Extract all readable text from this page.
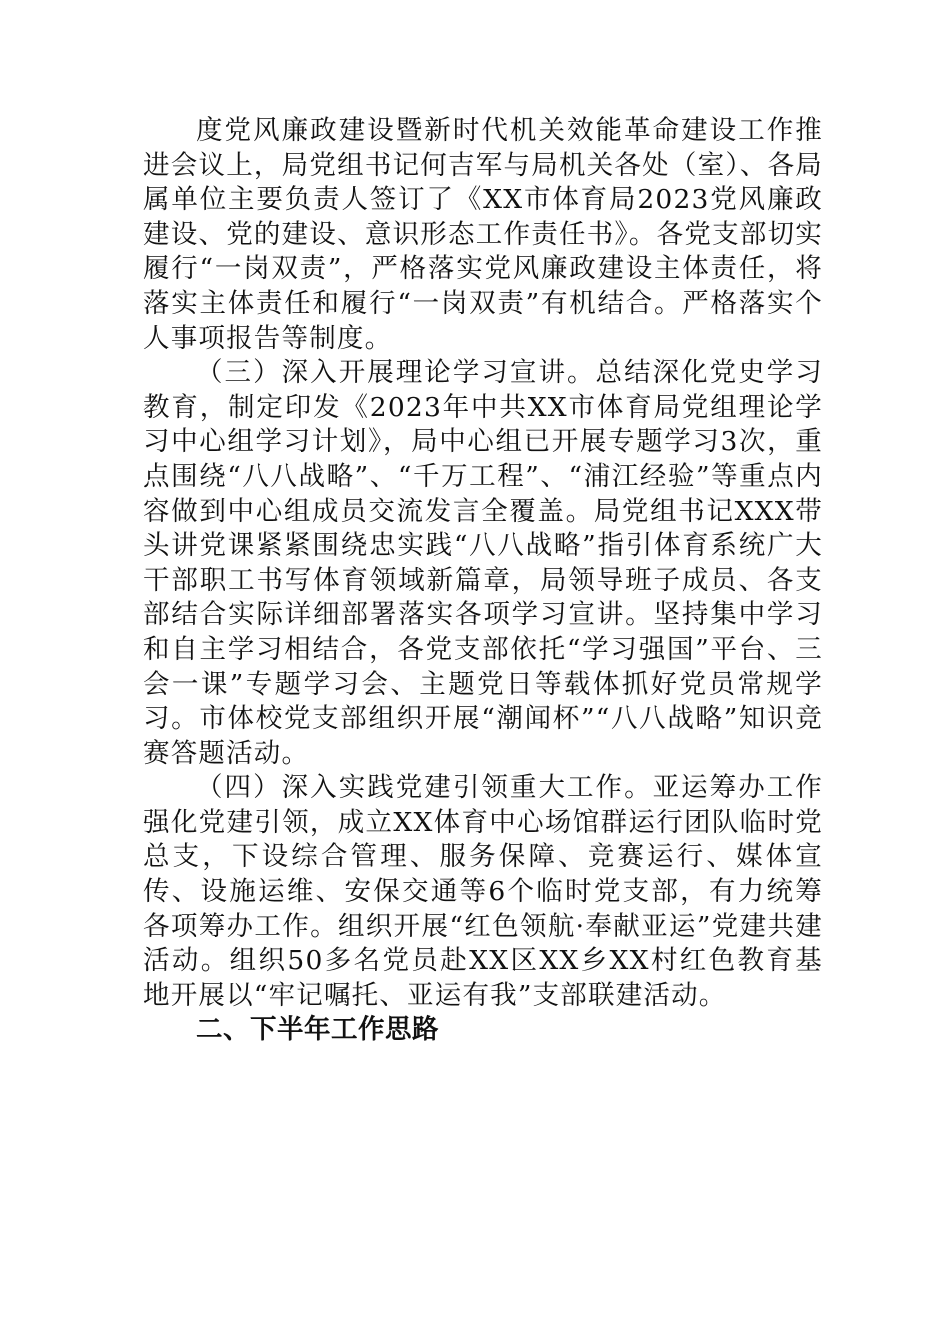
度党风廉政建设暨新时代机关效能革命建设工作推进会议上，局党组书记何吉军与局机关各处（室）、各局属单位主要负责人签订了《XX市体育局2023党风廉政建设、党的建设、意识形态工作责任书》。各党支部切实履行“一岗双责”，严格落实党风廉政建设主体责任，将落实主体责任和履行“一岗双责”有机结合。严格落实个人事项报告等制度。

（三）深入开展理论学习宣讲。总结深化党史学习教育，制定印发《2023年中共XX市体育局党组理论学习中心组学习计划》，局中心组已开展专题学习3次，重点围绕“八八战略”、“千万工程”、“浦江经验”等重点内容做到中心组成员交流发言全覆盖。局党组书记XXX带头讲党课紧紧围绕忠实践“八八战略”指引体育系统广大干部职工书写体育领域新篇章，局领导班子成员、各支部结合实际详细部署落实各项学习宣讲。坚持集中学习和自主学习相结合，各党支部依托“学习强国”平台、三会一课”专题学习会、主题党日等载体抓好党员常规学习。市体校党支部组织开展“潮闻杯”“八八战略”知识竞赛答题活动。

（四）深入实践党建引领重大工作。亚运筹办工作强化党建引领，成立XX体育中心场馆群运行团队临时党总支，下设综合管理、服务保障、竞赛运行、媒体宣传、设施运维、安保交通等6个临时党支部，有力统筹各项筹办工作。组织开展“红色领航·奉献亚运”党建共建活动。组织50多名党员赴XX区XX乡XX村红色教育基地开展以“牢记嘱托、亚运有我”支部联建活动。

二、下半年工作思路
